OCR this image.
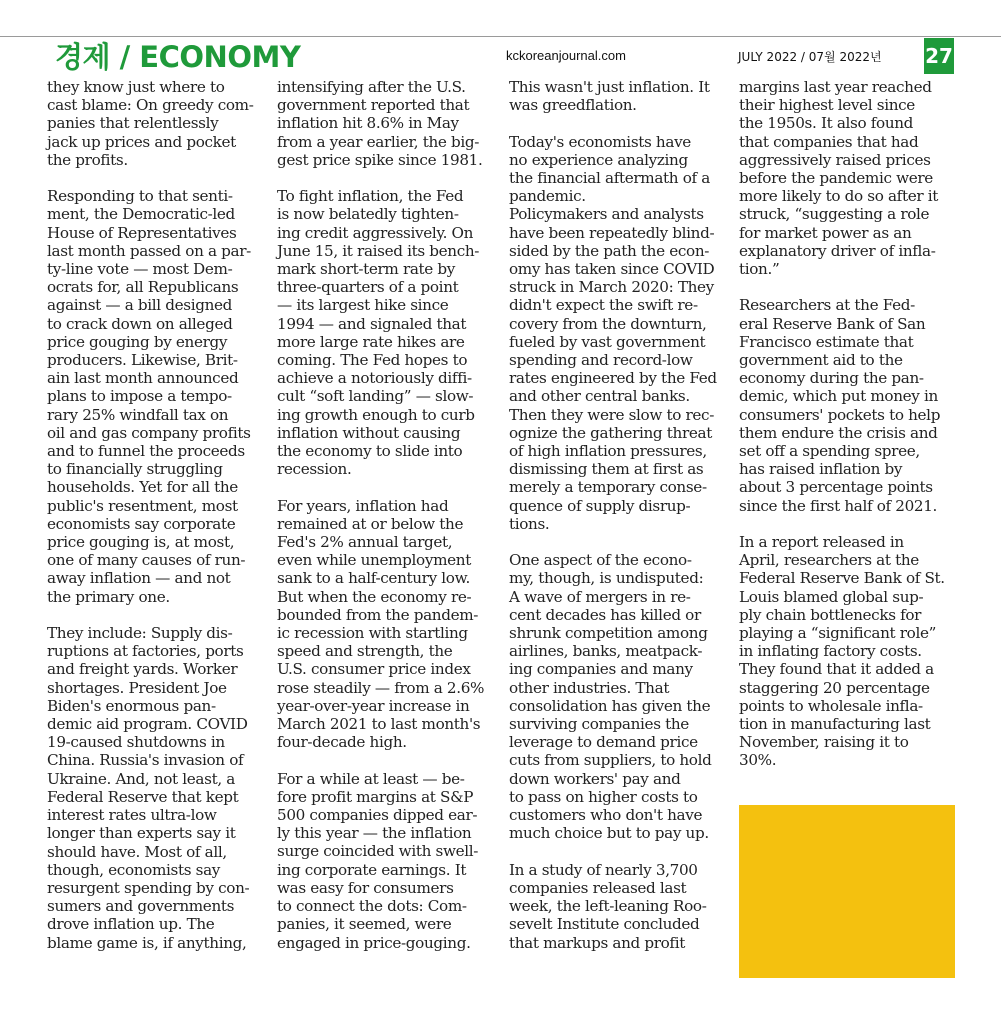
경제 / ECONOMY	kckoreanjournal.com	JULY 2022 / 07월 2022년 27

they know just where to
cast blame: On greedy com-
panies that relentlessly
jack up prices and pocket
the profits.

Responding to that senti-
ment, the Democratic-led
House of Representatives
last month passed on a par-
ty-line vote — most Dem-
ocrats for, all Republicans
against — a bill designed
to crack down on alleged
price gouging by energy
producers. Likewise, Brit-
ain last month announced
plans to impose a tempo-
rary 25% windfall tax on
oil and gas company profits
and to funnel the proceeds
to financially struggling
households. Yet for all the
public's resentment, most
economists say corporate
price gouging is, at most,
one of many causes of run-
away inflation — and not
the primary one.

They include: Supply dis-
ruptions at factories, ports
and freight yards. Worker
shortages. President Joe
Biden's enormous pan-
demic aid program. COVID
19-caused shutdowns in
China. Russia's invasion of
Ukraine. And, not least, a
Federal Reserve that kept
interest rates ultra-low
longer than experts say it
should have. Most of all,
though, economists say
resurgent spending by con-
sumers and governments
drove inflation up. The
blame game is, if anything,

intensifying after the U.S.
government reported that
inflation hit 8.6% in May
from a year earlier, the big-
gest price spike since 1981.

To fight inflation, the Fed
is now belatedly tighten-
ing credit aggressively. On
June 15, it raised its bench-
mark short-term rate by
three-quarters of a point
— its largest hike since
1994 — and signaled that
more large rate hikes are
coming. The Fed hopes to
achieve a notoriously diffi-
cult “soft landing” — slow-
ing growth enough to curb
inflation without causing
the economy to slide into
recession.

For years, inflation had
remained at or below the
Fed's 2% annual target,
even while unemployment
sank to a half-century low.
But when the economy re-
bounded from the pandem-
ic recession with startling
speed and strength, the
U.S. consumer price index
rose steadily — from a 2.6%
year-over-year increase in
March 2021 to last month's
four-decade high.

For a while at least — be-
fore profit margins at S&P
500 companies dipped ear-
ly this year — the inflation
surge coincided with swell-
ing corporate earnings. It
was easy for consumers
to connect the dots: Com-
panies, it seemed, were
engaged in price-gouging.

This wasn't just inflation. It
was greedflation.

Today's economists have
no experience analyzing
the financial aftermath of a
pandemic.
Policymakers and analysts
have been repeatedly blind-
sided by the path the econ-
omy has taken since COVID
struck in March 2020: They
didn't expect the swift re-
covery from the downturn,
fueled by vast government
spending and record-low
rates engineered by the Fed
and other central banks.
Then they were slow to rec-
ognize the gathering threat
of high inflation pressures,
dismissing them at first as
merely a temporary conse-
quence of supply disrup-
tions.

One aspect of the econo-
my, though, is undisputed:
A wave of mergers in re-
cent decades has killed or
shrunk competition among
airlines, banks, meatpack-
ing companies and many
other industries. That
consolidation has given the
surviving companies the
leverage to demand price
cuts from suppliers, to hold
down workers' pay and
to pass on higher costs to
customers who don't have
much choice but to pay up.

In a study of nearly 3,700
companies released last
week, the left-leaning Roo-
sevelt Institute concluded
that markups and profit

margins last year reached
their highest level since
the 1950s. It also found
that companies that had
aggressively raised prices
before the pandemic were
more likely to do so after it
struck, “suggesting a role
for market power as an
explanatory driver of infla-
tion.”

Researchers at the Fed-
eral Reserve Bank of San
Francisco estimate that
government aid to the
economy during the pan-
demic, which put money in
consumers' pockets to help
them endure the crisis and
set off a spending spree,
has raised inflation by
about 3 percentage points
since the first half of 2021.

In a report released in
April, researchers at the
Federal Reserve Bank of St.
Louis blamed global sup-
ply chain bottlenecks for
playing a “significant role”
in inflating factory costs.
They found that it added a
staggering 20 percentage
points to wholesale infla-
tion in manufacturing last
November, raising it to
30%.
